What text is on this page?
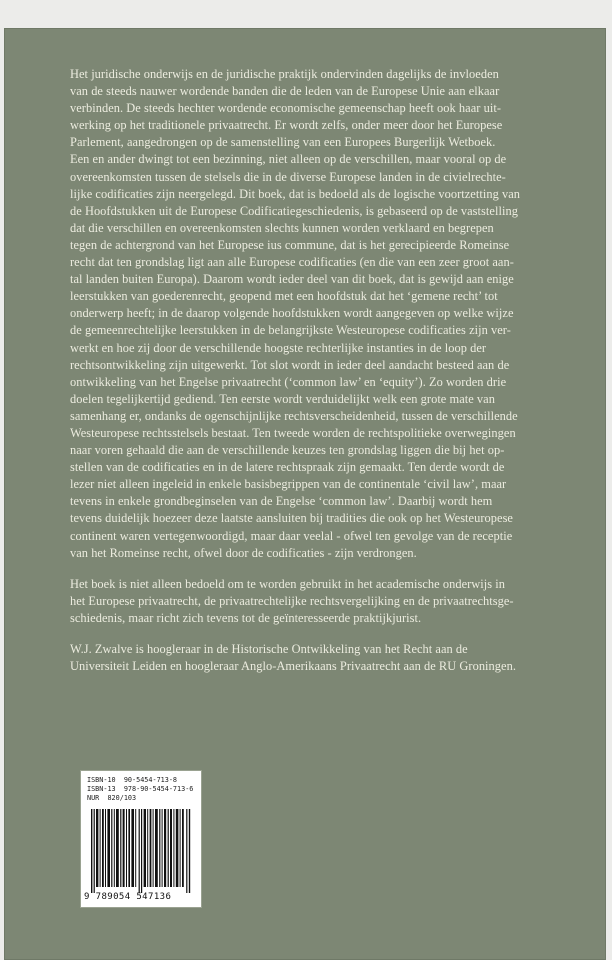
Het juridische onderwijs en de juridische praktijk ondervinden dagelijks de invloeden
van de steeds nauwer wordende banden die de leden van de Europese Unie aan elkaar
verbinden. De steeds hechter wordende economische gemeenschap heeft ook haar uit-
werking op het traditionele privaatrecht. Er wordt zelfs, onder meer door het Europese
Parlement, aangedrongen op de samenstelling van een Europees Burgerlijk Wetboek.
Een en ander dwingt tot een bezinning, niet alleen op de verschillen, maar vooral op de
overeenkomsten tussen de stelsels die in de diverse Europese landen in de civielrechte-
lijke codificaties zijn neergelegd. Dit boek, dat is bedoeld als de logische voortzetting van
de Hoofdstukken uit de Europese Codificatiegeschiedenis, is gebaseerd op de vaststelling
dat die verschillen en overeenkomsten slechts kunnen worden verklaard en begrepen
tegen de achtergrond van het Europese ius commune, dat is het gerecipieerde Romeinse
recht dat ten grondslag ligt aan alle Europese codificaties (en die van een zeer groot aan-
tal landen buiten Europa). Daarom wordt ieder deel van dit boek, dat is gewijd aan enige
leerstukken van goederenrecht, geopend met een hoofdstuk dat het ‘gemene recht’ tot
onderwerp heeft; in de daarop volgende hoofdstukken wordt aangegeven op welke wijze
de gemeenrechtelijke leerstukken in de belangrijkste Westeuropese codificaties zijn ver-
werkt en hoe zij door de verschillende hoogste rechterlijke instanties in de loop der
rechtsontwikkeling zijn uitgewerkt. Tot slot wordt in ieder deel aandacht besteed aan de
ontwikkeling van het Engelse privaatrecht (‘common law’ en ‘equity’). Zo worden drie
doelen tegelijkertijd gediend. Ten eerste wordt verduidelijkt welk een grote mate van
samenhang er, ondanks de ogenschijnlijke rechtsverscheidenheid, tussen de verschillende
Westeuropese rechtsstelsels bestaat. Ten tweede worden de rechtspolitieke overwegingen
naar voren gehaald die aan de verschillende keuzes ten grondslag liggen die bij het op-
stellen van de codificaties en in de latere rechtspraak zijn gemaakt. Ten derde wordt de
lezer niet alleen ingeleid in enkele basisbegrippen van de continentale ‘civil law’, maar
tevens in enkele grondbeginselen van de Engelse ‘common law’. Daarbij wordt hem
tevens duidelijk hoezeer deze laatste aansluiten bij tradities die ook op het Westeuropese
continent waren vertegenwoordigd, maar daar veelal - ofwel ten gevolge van de receptie
van het Romeinse recht, ofwel door de codificaties - zijn verdrongen.

Het boek is niet alleen bedoeld om te worden gebruikt in het academische onderwijs in
het Europese privaatrecht, de privaatrechtelijke rechtsvergelijking en de privaatrechtsge-
schiedenis, maar richt zich tevens tot de geïnteresseerde praktijkjurist.

W.J. Zwalve is hoogleraar in de Historische Ontwikkeling van het Recht aan de
Universiteit Leiden en hoogleraar Anglo-Amerikaans Privaatrecht aan de RU Groningen.

ISBN-10  90-5454-713-8
ISBN-13  978-90-5454-713-6
NUR  820/103
9 789054 547136
